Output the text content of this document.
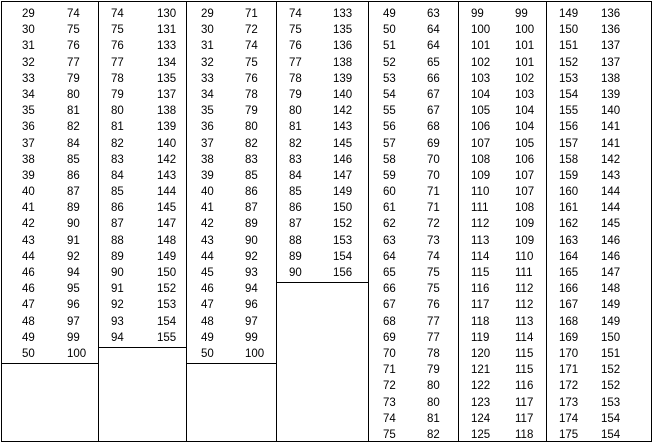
29
30
31
32
33
34
35
36
37
38
39
40
41
42
43
44
46
46
47
48
49
50
74
75
76
77
79
80
81
82
84
85
86
87
89
90
91
92
94
95
96
97
99
100
74
75
76
77
78
79
80
81
82
83
84
85
86
87
88
89
90
91
92
93
94
130
131
133
134
135
137
138
139
140
142
143
144
145
147
148
149
150
152
153
154
155
29
30
31
32
33
34
35
36
37
38
39
40
41
42
43
44
45
46
47
48
49
50
71
72
74
75
76
78
79
80
82
83
85
86
87
89
90
92
93
94
96
97
99
100
74
75
76
77
78
79
80
81
82
83
84
85
86
87
88
89
90
133
135
136
138
139
140
142
143
145
146
147
149
150
152
153
154
156
49
50
51
52
53
54
55
56
57
58
59
60
61
62
63
64
65
66
67
68
69
70
71
72
73
74
75
63
64
64
65
66
67
67
68
69
70
70
71
71
72
73
74
75
75
76
77
77
78
79
80
80
81
82
99
100
101
102
103
104
105
106
107
108
109
110
111
112
113
114
115
116
117
118
119
120
121
122
123
124
125
99
100
101
101
102
103
104
104
105
106
107
107
108
109
109
110
111
112
112
113
114
115
115
116
117
117
118
149
150
151
152
153
154
155
156
157
158
159
160
161
162
163
164
165
166
167
168
169
170
171
172
173
174
175
136
136
137
137
138
139
140
141
141
142
143
144
144
145
146
146
147
148
149
149
150
151
152
152
153
154
154
